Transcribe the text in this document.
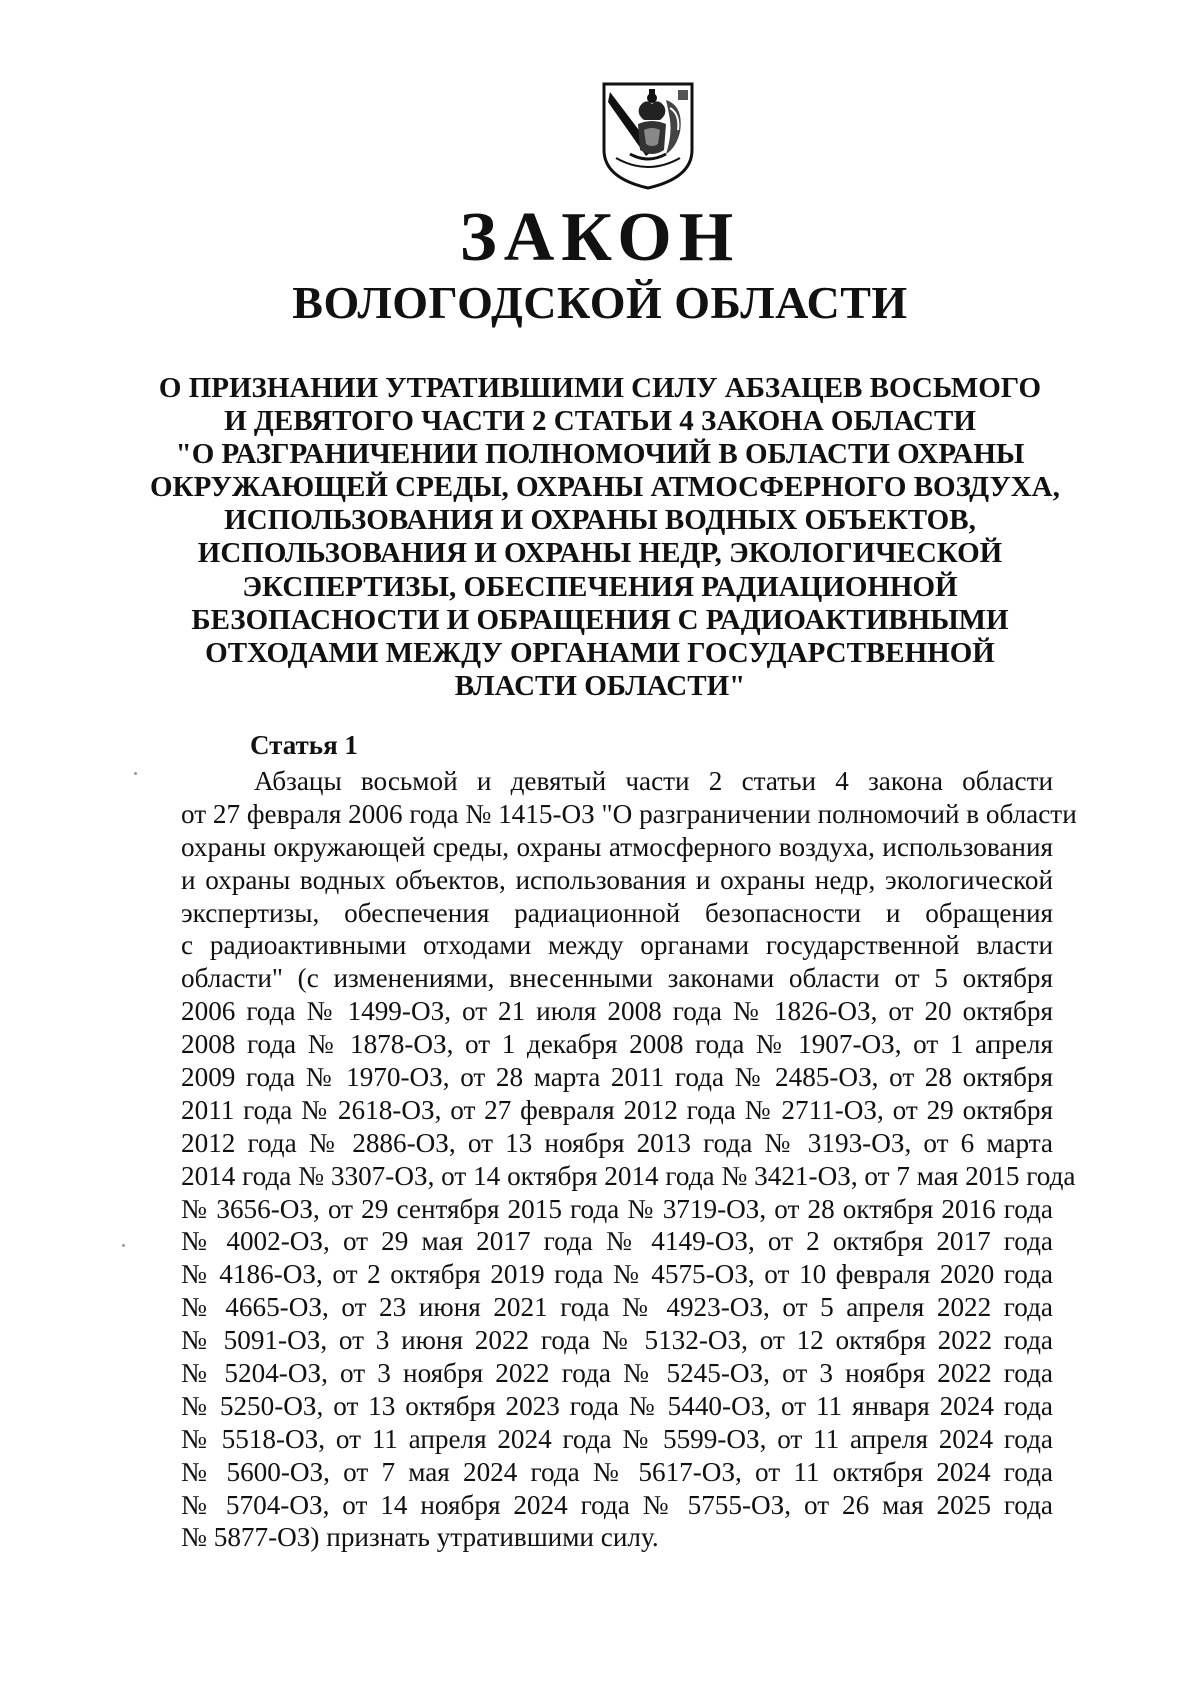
ЗАКОН
ВОЛОГОДСКОЙ ОБЛАСТИ
О ПРИЗНАНИИ УТРАТИВШИМИ СИЛУ АБЗАЦЕВ ВОСЬМОГО
И ДЕВЯТОГО ЧАСТИ 2 СТАТЬИ 4 ЗАКОНА ОБЛАСТИ
"О РАЗГРАНИЧЕНИИ ПОЛНОМОЧИЙ В ОБЛАСТИ ОХРАНЫ
ОКРУЖАЮЩЕЙ СРЕДЫ, ОХРАНЫ АТМОСФЕРНОГО ВОЗДУХА,
ИСПОЛЬЗОВАНИЯ И ОХРАНЫ ВОДНЫХ ОБЪЕКТОВ,
ИСПОЛЬЗОВАНИЯ И ОХРАНЫ НЕДР, ЭКОЛОГИЧЕСКОЙ
ЭКСПЕРТИЗЫ, ОБЕСПЕЧЕНИЯ РАДИАЦИОННОЙ
БЕЗОПАСНОСТИ И ОБРАЩЕНИЯ С РАДИОАКТИВНЫМИ
ОТХОДАМИ МЕЖДУ ОРГАНАМИ ГОСУДАРСТВЕННОЙ
ВЛАСТИ ОБЛАСТИ"
Статья 1
Абзацы восьмой и девятый части 2 статьи 4 закона области
от 27 февраля 2006 года № 1415-ОЗ "О разграничении полномочий в области
охраны окружающей среды, охраны атмосферного воздуха, использования
и охраны водных объектов, использования и охраны недр, экологической
экспертизы, обеспечения радиационной безопасности и обращения
с радиоактивными отходами между органами государственной власти
области" (с изменениями, внесенными законами области от 5 октября
2006 года № 1499-ОЗ, от 21 июля 2008 года № 1826-ОЗ, от 20 октября
2008 года № 1878-ОЗ, от 1 декабря 2008 года № 1907-ОЗ, от 1 апреля
2009 года № 1970-ОЗ, от 28 марта 2011 года № 2485-ОЗ, от 28 октября
2011 года № 2618-ОЗ, от 27 февраля 2012 года № 2711-ОЗ, от 29 октября
2012 года № 2886-ОЗ, от 13 ноября 2013 года № 3193-ОЗ, от 6 марта
2014 года № 3307-ОЗ, от 14 октября 2014 года № 3421-ОЗ, от 7 мая 2015 года
№ 3656-ОЗ, от 29 сентября 2015 года № 3719-ОЗ, от 28 октября 2016 года
№ 4002-ОЗ, от 29 мая 2017 года № 4149-ОЗ, от 2 октября 2017 года
№ 4186-ОЗ, от 2 октября 2019 года № 4575-ОЗ, от 10 февраля 2020 года
№ 4665-ОЗ, от 23 июня 2021 года № 4923-ОЗ, от 5 апреля 2022 года
№ 5091-ОЗ, от 3 июня 2022 года № 5132-ОЗ, от 12 октября 2022 года
№ 5204-ОЗ, от 3 ноября 2022 года № 5245-ОЗ, от 3 ноября 2022 года
№ 5250-ОЗ, от 13 октября 2023 года № 5440-ОЗ, от 11 января 2024 года
№ 5518-ОЗ, от 11 апреля 2024 года № 5599-ОЗ, от 11 апреля 2024 года
№ 5600-ОЗ, от 7 мая 2024 года № 5617-ОЗ, от 11 октября 2024 года
№ 5704-ОЗ, от 14 ноября 2024 года № 5755-ОЗ, от 26 мая 2025 года
№ 5877-ОЗ) признать утратившими силу.
